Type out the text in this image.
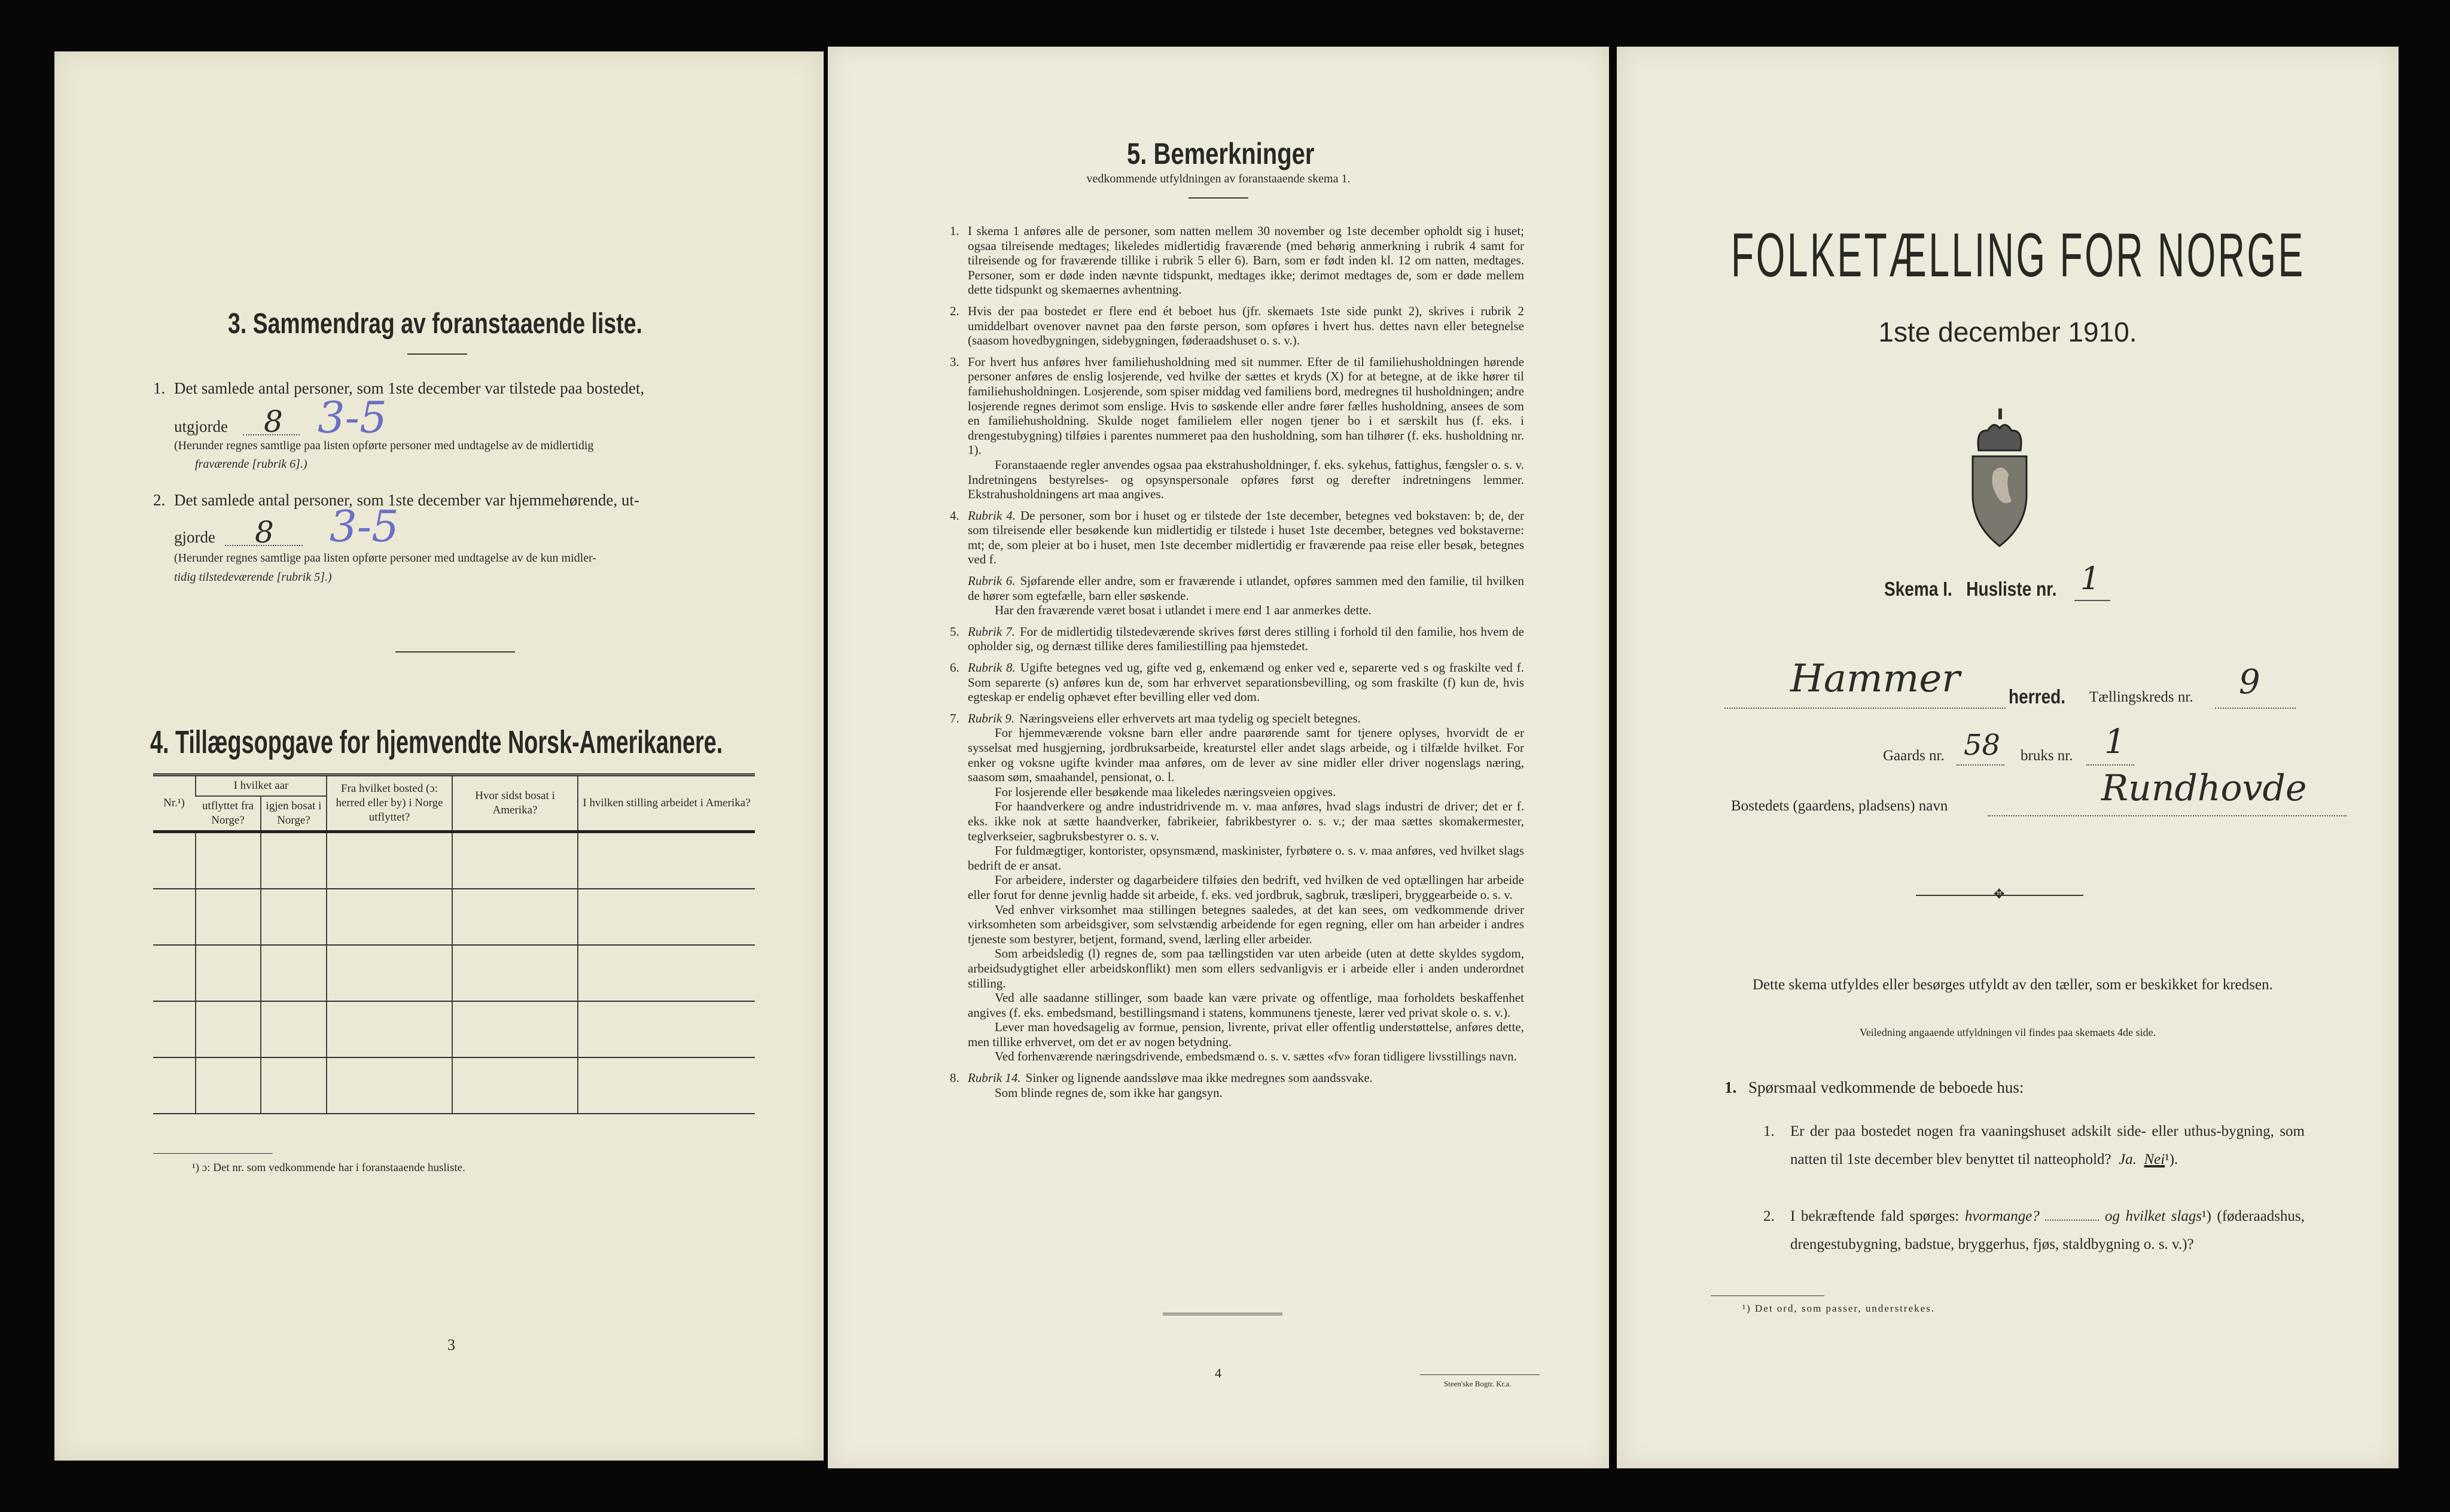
3. Sammendrag av foranstaaende liste.
1. Det samlede antal personer, som 1ste december var tilstede paa bostedet,
utgjorde 8 3-5
(Herunder regnes samtlige paa listen opførte personer med undtagelse av de midlertidig
fraværende [rubrik 6].)
2. Det samlede antal personer, som 1ste december var hjemmehørende, ut-
gjorde 8 3-5
(Herunder regnes samtlige paa listen opførte personer med undtagelse av de kun midler-
tidig tilstedeværende [rubrik 5].)
4. Tillægsopgave for hjemvendte Norsk-Amerikanere.
Nr.¹)	I hvilket aar		Fra hvilket bosted (ɔ: herred eller by) i Norge utflyttet?	Hvor sidst bosat i Amerika?	I hvilken stilling arbeidet i Amerika?
	utflyttet fra Norge?	igjen bosat i Norge?			

¹) ɔ: Det nr. som vedkommende har i foranstaaende husliste.
3
5. Bemerkninger
vedkommende utfyldningen av foranstaaende skema 1.
1. I skema 1 anføres alle de personer, som natten mellem 30 november og 1ste december opholdt sig i huset; ogsaa tilreisende medtages; likeledes midlertidig fraværende (med behørig anmerkning i rubrik 4 samt for tilreisende og for fraværende tillike i rubrik 5 eller 6). Barn, som er født inden kl. 12 om natten, medtages. Personer, som er døde inden nævnte tidspunkt, medtages ikke; derimot medtages de, som er døde mellem dette tidspunkt og skemaernes avhentning.
2. Hvis der paa bostedet er flere end ét beboet hus (jfr. skemaets 1ste side punkt 2), skrives i rubrik 2 umiddelbart ovenover navnet paa den første person, som opføres i hvert hus. dettes navn eller betegnelse (saasom hovedbygningen, sidebygningen, føderaadshuset o. s. v.).
3. For hvert hus anføres hver familiehusholdning med sit nummer. Efter de til familiehusholdningen hørende personer anføres de enslig losjerende, ved hvilke der sættes et kryds (X) for at betegne, at de ikke hører til familiehusholdningen. Losjerende, som spiser middag ved familiens bord, medregnes til husholdningen; andre losjerende regnes derimot som enslige. Hvis to søskende eller andre fører fælles husholdning, ansees de som en familiehusholdning. Skulde noget familielem eller nogen tjener bo i et særskilt hus (f. eks. i drengestubygning) tilføies i parentes nummeret paa den husholdning, som han tilhører (f. eks. husholdning nr. 1).
Foranstaaende regler anvendes ogsaa paa ekstrahusholdninger, f. eks. sykehus, fattighus, fængsler o. s. v. Indretningens bestyrelses- og opsynspersonale opføres først og derefter indretningens lemmer. Ekstrahusholdningens art maa angives.
4. Rubrik 4. De personer, som bor i huset og er tilstede der 1ste december, betegnes ved bokstaven: b; de, der som tilreisende eller besøkende kun midlertidig er tilstede i huset 1ste december, betegnes ved bokstaverne: mt; de, som pleier at bo i huset, men 1ste december midlertidig er fraværende paa reise eller besøk, betegnes ved f.
Rubrik 6. Sjøfarende eller andre, som er fraværende i utlandet, opføres sammen med den familie, til hvilken de hører som egtefælle, barn eller søskende.
Har den fraværende været bosat i utlandet i mere end 1 aar anmerkes dette.
5. Rubrik 7. For de midlertidig tilstedeværende skrives først deres stilling i forhold til den familie, hos hvem de opholder sig, og dernæst tillike deres familiestilling paa hjemstedet.
6. Rubrik 8. Ugifte betegnes ved ug, gifte ved g, enkemænd og enker ved e, separerte ved s og fraskilte ved f. Som separerte (s) anføres kun de, som har erhvervet separationsbevilling, og som fraskilte (f) kun de, hvis egteskap er endelig ophævet efter bevilling eller ved dom.
7. Rubrik 9. Næringsveiens eller erhvervets art maa tydelig og specielt betegnes.
For hjemmeværende voksne barn eller andre paarørende samt for tjenere oplyses, hvorvidt de er sysselsat med husgjerning, jordbruksarbeide, kreaturstel eller andet slags arbeide, og i tilfælde hvilket. For enker og voksne ugifte kvinder maa anføres, om de lever av sine midler eller driver nogenslags næring, saasom søm, smaahandel, pensionat, o. l.
For losjerende eller besøkende maa likeledes næringsveien opgives.
For haandverkere og andre industridrivende m. v. maa anføres, hvad slags industri de driver; det er f. eks. ikke nok at sætte haandverker, fabrikeier, fabrikbestyrer o. s. v.; der maa sættes skomakermester, teglverkseier, sagbruksbestyrer o. s. v.
For fuldmægtiger, kontorister, opsynsmænd, maskinister, fyrbøtere o. s. v. maa anføres, ved hvilket slags bedrift de er ansat.
For arbeidere, inderster og dagarbeidere tilføies den bedrift, ved hvilken de ved optællingen har arbeide eller forut for denne jevnlig hadde sit arbeide, f. eks. ved jordbruk, sagbruk, træsliperi, bryggearbeide o. s. v.
Ved enhver virksomhet maa stillingen betegnes saaledes, at det kan sees, om vedkommende driver virksomheten som arbeidsgiver, som selvstændig arbeidende for egen regning, eller om han arbeider i andres tjeneste som bestyrer, betjent, formand, svend, lærling eller arbeider.
Som arbeidsledig (l) regnes de, som paa tællingstiden var uten arbeide (uten at dette skyldes sygdom, arbeidsudygtighet eller arbeidskonflikt) men som ellers sedvanligvis er i arbeide eller i anden underordnet stilling.
Ved alle saadanne stillinger, som baade kan være private og offentlige, maa forholdets beskaffenhet angives (f. eks. embedsmand, bestillingsmand i statens, kommunens tjeneste, lærer ved privat skole o. s. v.).
Lever man hovedsagelig av formue, pension, livrente, privat eller offentlig understøttelse, anføres dette, men tillike erhvervet, om det er av nogen betydning.
Ved forhenværende næringsdrivende, embedsmænd o. s. v. sættes «fv» foran tidligere livsstillings navn.
8. Rubrik 14. Sinker og lignende aandssløve maa ikke medregnes som aandssvake.
Som blinde regnes de, som ikke har gangsyn.
4
Steen'ske Bogtr. Kr.a.
FOLKETÆLLING FOR NORGE
1ste december 1910.
Skema I. Husliste nr. 1
Hammer herred. Tællingskreds nr. 9
Gaards nr. 58 bruks nr. 1
Bostedets (gaardens, pladsens) navn	Rundhovde
✥
Dette skema utfyldes eller besørges utfyldt av den tæller, som er beskikket for kredsen.
Veiledning angaaende utfyldningen vil findes paa skemaets 4de side.
1. Spørsmaal vedkommende de beboede hus:
1. Er der paa bostedet nogen fra vaaningshuset adskilt side- eller uthus-bygning, som natten til 1ste december blev benyttet til natteophold? Ja. Nei¹).
2. I bekræftende fald spørges: hvormange?	og hvilket slags¹) (føderaadshus, drengestubygning, badstue, bryggerhus, fjøs, staldbygning o. s. v.)?
¹) Det ord, som passer, understrekes.
